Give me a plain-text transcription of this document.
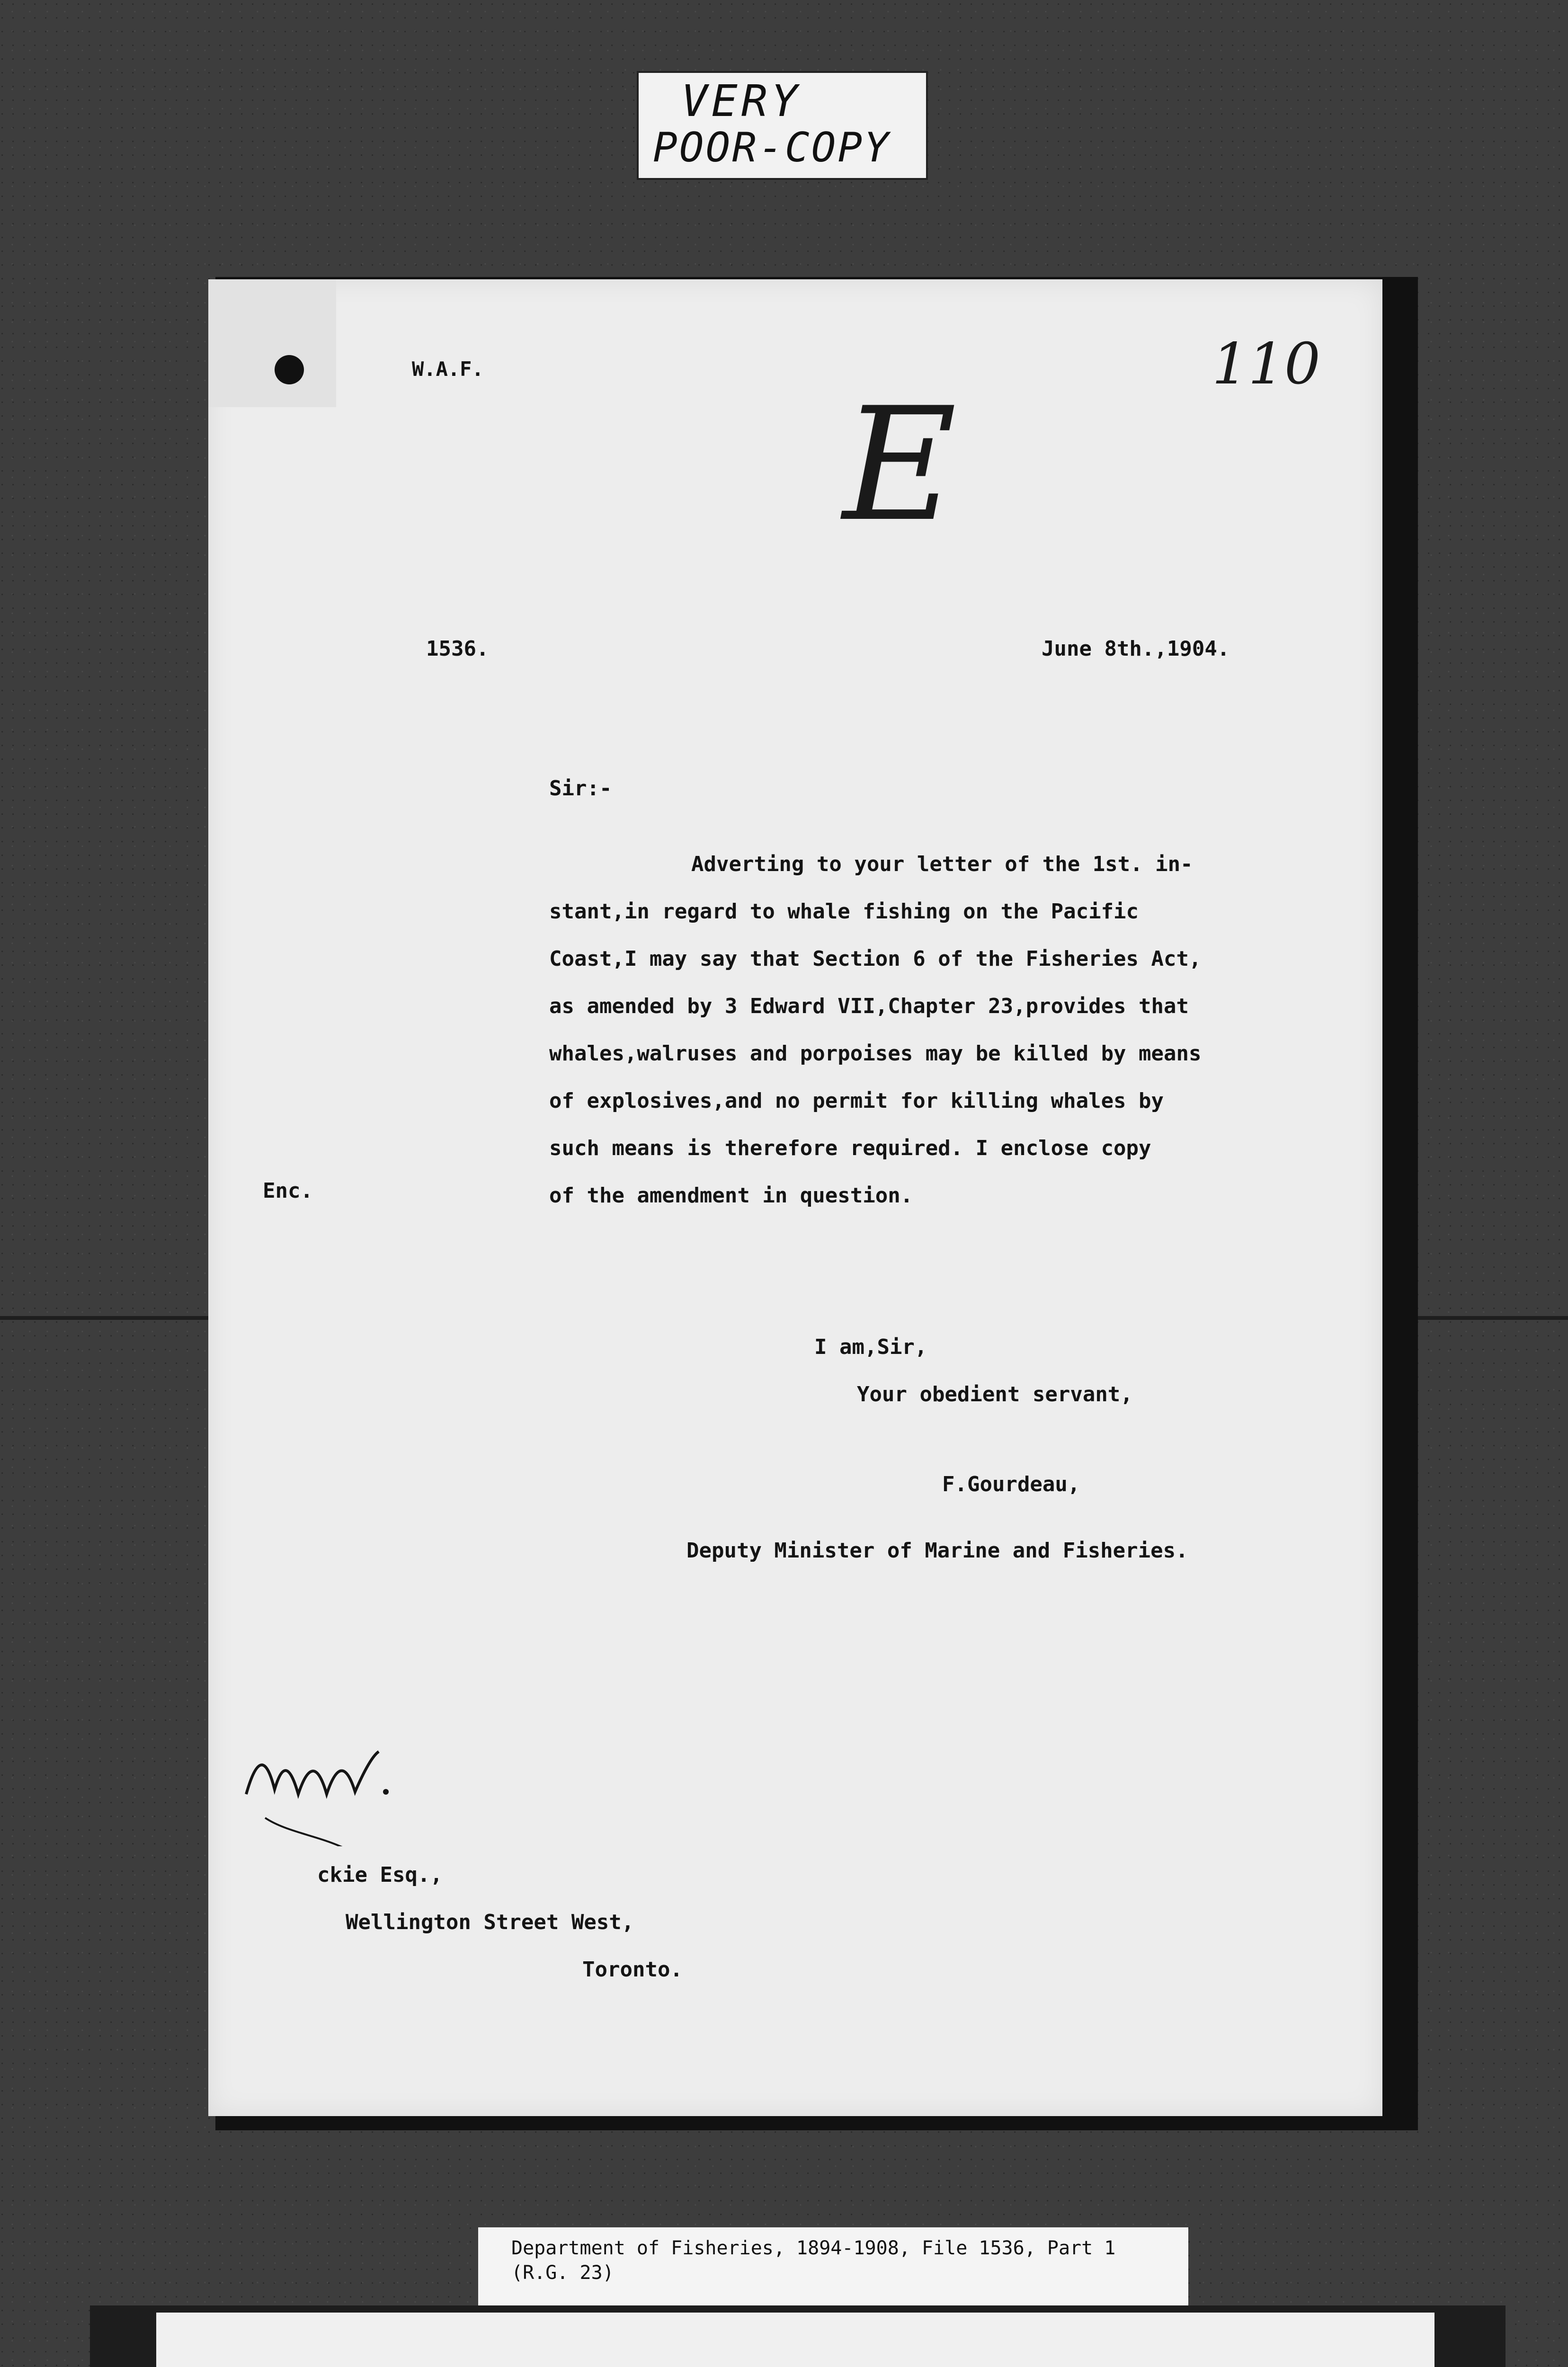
VERY
POOR-COPY
W.A.F.	110
E
1536.	June 8th.,1904.
Sir:-
Adverting to your letter of the 1st. in-
stant,in regard to whale fishing on the Pacific
Coast,I may say that Section 6 of the Fisheries Act,
as amended by 3 Edward VII,Chapter 23,provides that
whales,walruses and porpoises may be killed by means
of explosives,and no permit for killing whales by
such means is therefore required. I enclose copy
of the amendment in question.
I am,Sir,
Your obedient servant,
F.Gourdeau,
Deputy Minister of Marine and Fisheries.
ckie Esq.,
Wellington Street West,
Toronto.
Enc.
Department of Fisheries, 1894-1908, File 1536, Part 1
(R.G. 23)
